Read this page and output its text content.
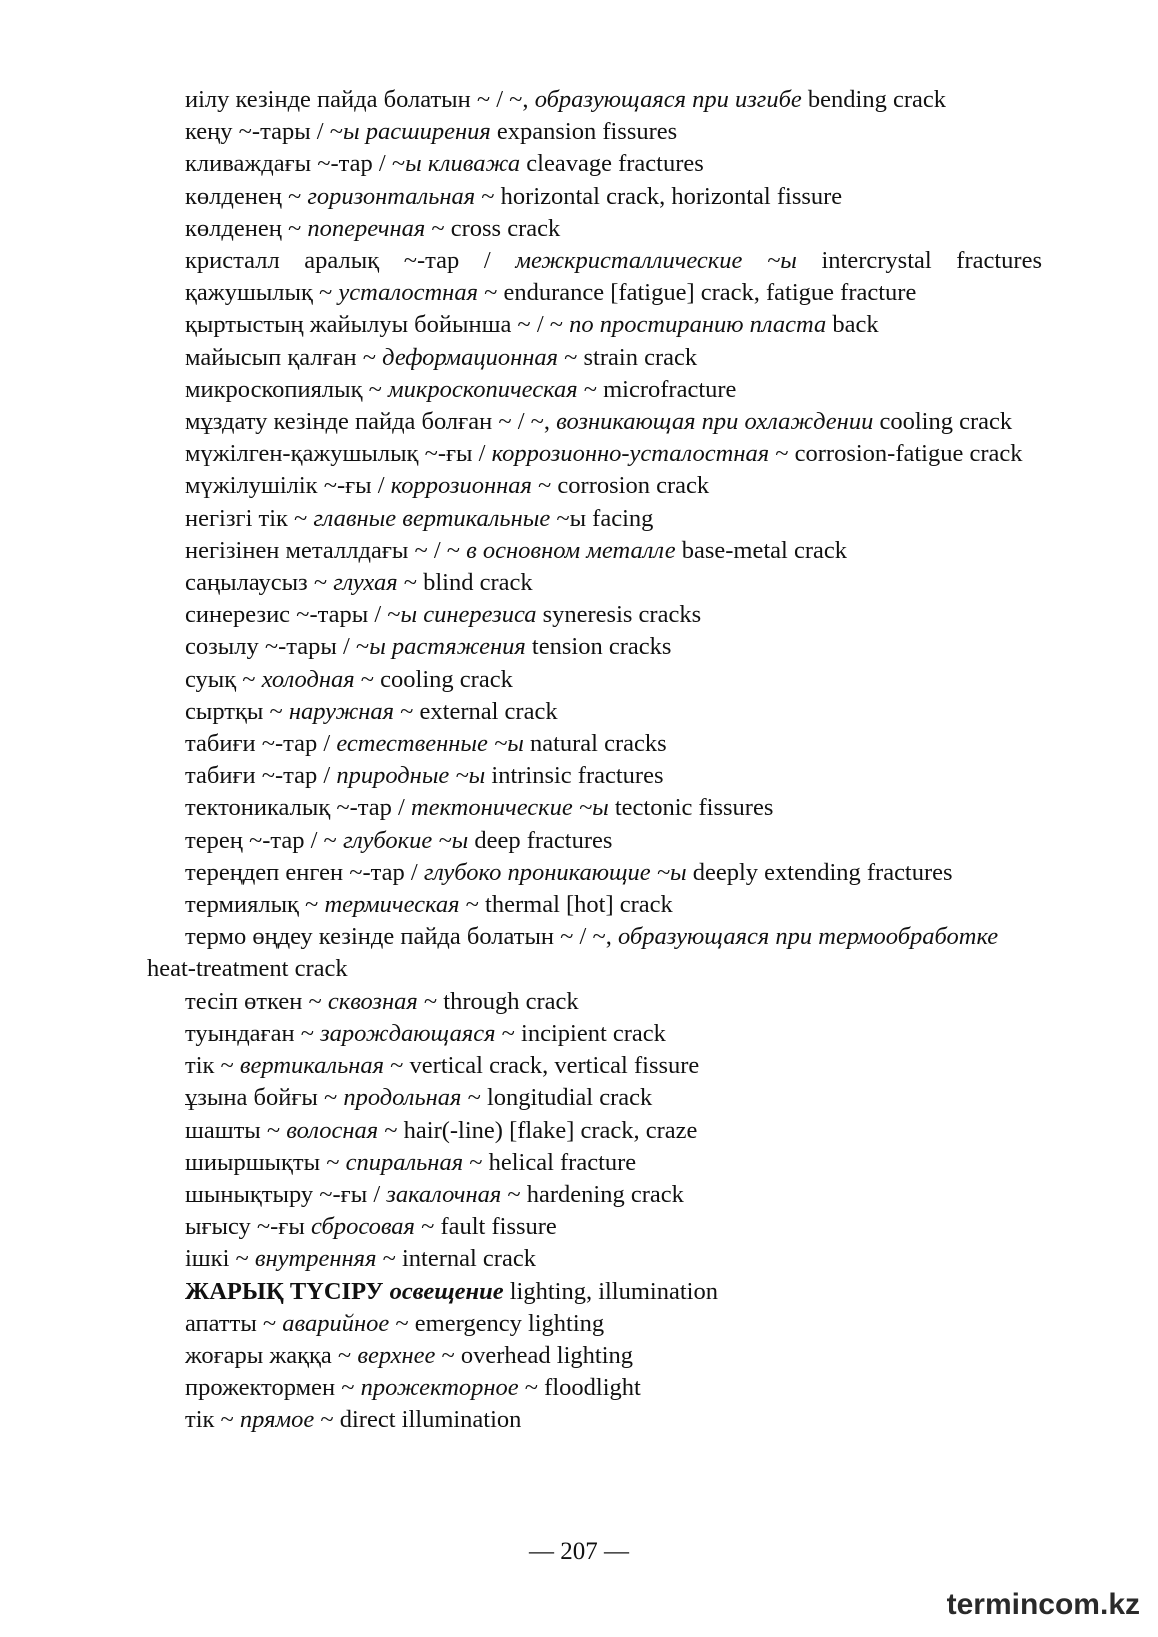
иілу кезінде пайда болатын ~ / ~, образующаяся при изгибе bending crack

кеңу ~-тары / ~ы расширения expansion fissures

кливаждағы ~-тар / ~ы кливажа cleavage fractures

көлденең ~ горизонтальная ~ horizontal crack, horizontal fissure

көлденең ~ поперечная ~ cross crack

кристалл аралық ~-тар / межкристаллические ~ы intercrystal fractures

қажушылық ~ усталостная ~ endurance [fatigue] crack, fatigue fracture

қыртыстың жайылуы бойынша ~ / ~ по простиранию пласта back

майысып қалған ~ деформационная ~ strain crack

микроскопиялық ~ микроскопическая ~ microfracture

мұздату кезінде пайда болған ~ / ~, возникающая при охлаждении cooling crack

мүжілген-қажушылық ~-ғы / коррозионно-усталостная ~ corrosion-fatigue crack

мүжілушілік ~-ғы / коррозионная ~ corrosion crack

негізгі тік ~ главные вертикальные ~ы facing

негізінен металлдағы ~ / ~ в основном металле base-metal crack

саңылаусыз ~ глухая ~ blind crack

синерезис ~-тары / ~ы синерезиса syneresis cracks

созылу ~-тары / ~ы растяжения tension cracks

суық ~ холодная ~ cooling crack

сыртқы ~ наружная ~ external crack

табиғи ~-тар / естественные ~ы natural cracks

табиғи ~-тар / природные ~ы intrinsic fractures

тектоникалық ~-тар / тектонические ~ы tectonic fissures

терең ~-тар / ~ глубокие ~ы deep fractures

тереңдеп енген ~-тар / глубоко проникающие ~ы deeply extending fractures

термиялық ~ термическая ~ thermal [hot] crack

термо өңдеу кезінде пайда болатын ~ / ~, образующаяся при термообработке heat-treatment crack

тесіп өткен ~ сквозная ~ through crack

туындаған ~ зарождающаяся ~ incipient crack

тік ~ вертикальная ~ vertical crack, vertical fissure

ұзына бойғы ~ продольная ~ longitudial crack

шашты ~ волосная ~ hair(-line) [flake] crack, craze

шиыршықты ~ спиральная ~ helical fracture

шынықтыру ~-ғы / закалочная ~ hardening crack

ығысу ~-ғы сбросовая ~ fault fissure

ішкі ~ внутренняя ~ internal crack

ЖАРЫҚ ТҮСІРУ освещение lighting, illumination

апатты ~ аварийное ~ emergency lighting

жоғары жаққа ~ верхнее ~ overhead lighting

прожектормен ~ прожекторное ~ floodlight

тік ~ прямое ~ direct illumination

— 207 —
termincom.kz
